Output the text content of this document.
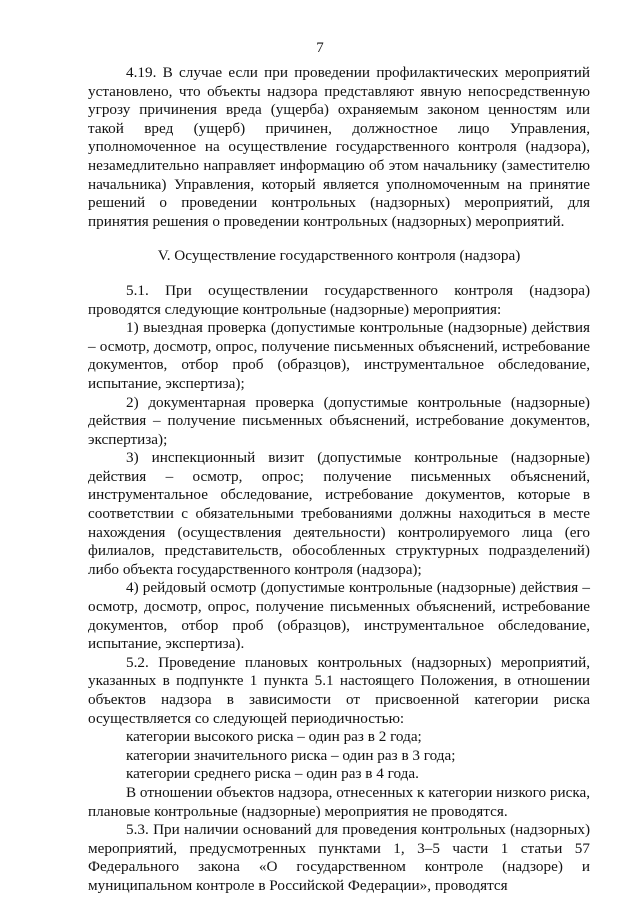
7

4.19. В случае если при проведении профилактических мероприятий установлено, что объекты надзора представляют явную непосредственную угрозу причинения вреда (ущерба) охраняемым законом ценностям или такой вред (ущерб) причинен, должностное лицо Управления, уполномоченное на осуществление государственного контроля (надзора), незамедлительно направляет информацию об этом начальнику (заместителю начальника) Управления, который является уполномоченным на принятие решений о проведении контрольных (надзорных) мероприятий, для принятия решения о проведении контрольных (надзорных) мероприятий.

V. Осуществление государственного контроля (надзора)

5.1. При осуществлении государственного контроля (надзора) проводятся следующие контрольные (надзорные) мероприятия:

1) выездная проверка (допустимые контрольные (надзорные) действия – осмотр, досмотр, опрос, получение письменных объяснений, истребование документов, отбор проб (образцов), инструментальное обследование, испытание, экспертиза);

2) документарная проверка (допустимые контрольные (надзорные) действия – получение письменных объяснений, истребование документов, экспертиза);

3) инспекционный визит (допустимые контрольные (надзорные) действия – осмотр, опрос; получение письменных объяснений, инструментальное обследование, истребование документов, которые в соответствии с обязательными требованиями должны находиться в месте нахождения (осуществления деятельности) контролируемого лица (его филиалов, представительств, обособленных структурных подразделений) либо объекта государственного контроля (надзора);

4) рейдовый осмотр (допустимые контрольные (надзорные) действия – осмотр, досмотр, опрос, получение письменных объяснений, истребование документов, отбор проб (образцов), инструментальное обследование, испытание, экспертиза).

5.2. Проведение плановых контрольных (надзорных) мероприятий, указанных в подпункте 1 пункта 5.1 настоящего Положения, в отношении объектов надзора в зависимости от присвоенной категории риска осуществляется со следующей периодичностью:

категории высокого риска – один раз в 2 года;

категории значительного риска – один раз в 3 года;

категории среднего риска – один раз в 4 года.

В отношении объектов надзора, отнесенных к категории низкого риска, плановые контрольные (надзорные) мероприятия не проводятся.

5.3. При наличии оснований для проведения контрольных (надзорных) мероприятий, предусмотренных пунктами 1, 3–5 части 1 статьи 57 Федерального закона «О государственном контроле (надзоре) и муниципальном контроле в Российской Федерации», проводятся
